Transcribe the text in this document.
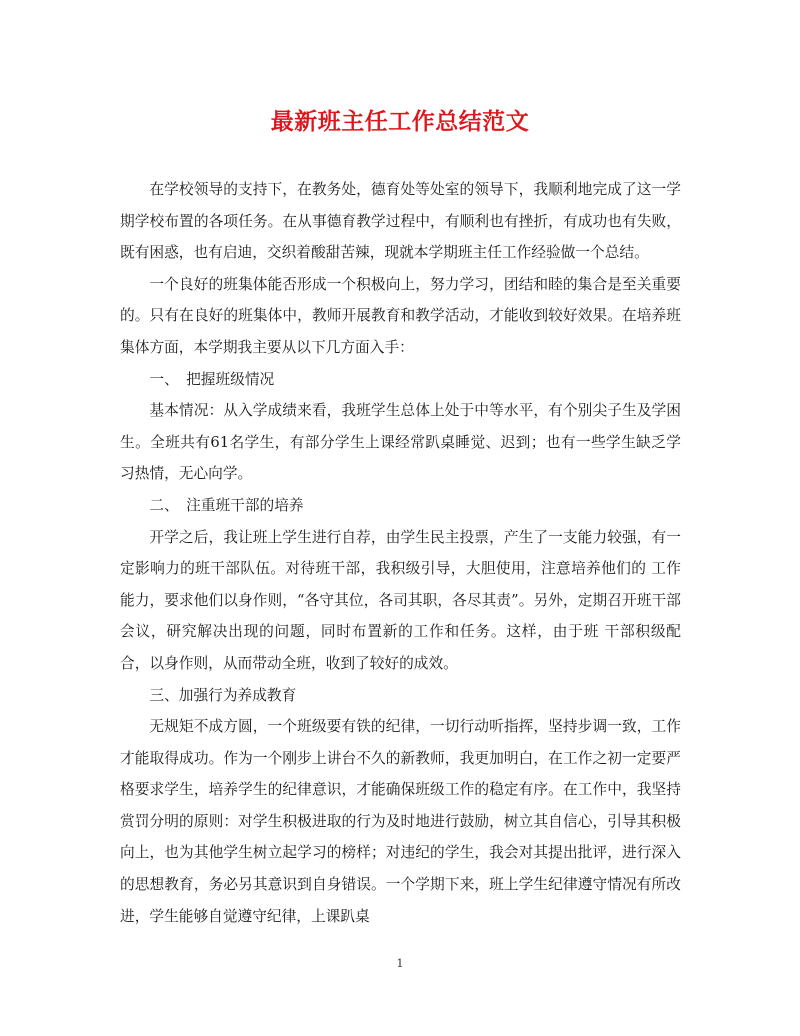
最新班主任工作总结范文

在学校领导的支持下，在教务处，德育处等处室的领导下，我顺利地完成了这一学期学校布置的各项任务。在从事德育教学过程中，有顺利也有挫折，有成功也有失败，既有困惑，也有启迪，交织着酸甜苦辣，现就本学期班主任工作经验做一个总结。

一个良好的班集体能否形成一个积极向上，努力学习，团结和睦的集合是至关重要的。只有在良好的班集体中，教师开展教育和教学活动，才能收到较好效果。在培养班集体方面，本学期我主要从以下几方面入手：

一、　把握班级情况

基本情况：从入学成绩来看，我班学生总体上处于中等水平，有个别尖子生及学困生。全班共有61名学生，有部分学生上课经常趴桌睡觉、迟到；也有一些学生缺乏学习热情，无心向学。

二、　注重班干部的培养

开学之后，我让班上学生进行自荐，由学生民主投票，产生了一支能力较强，有一定影响力的班干部队伍。对待班干部，我积级引导，大胆使用，注意培养他们的 工作能力，要求他们以身作则，“各守其位，各司其职，各尽其责”。另外，定期召开班干部会议，研究解决出现的问题，同时布置新的工作和任务。这样，由于班 干部积级配合，以身作则，从而带动全班，收到了较好的成效。

三、加强行为养成教育

无规矩不成方圆，一个班级要有铁的纪律，一切行动听指挥，坚持步调一致，工作才能取得成功。作为一个刚步上讲台不久的新教师，我更加明白，在工作之初一定要严格要求学生，培养学生的纪律意识，才能确保班级工作的稳定有序。在工作中，我坚持赏罚分明的原则：对学生积极进取的行为及时地进行鼓励，树立其自信心，引导其积极向上，也为其他学生树立起学习的榜样；对违纪的学生，我会对其提出批评，进行深入的思想教育，务必另其意识到自身错误。一个学期下来，班上学生纪律遵守情况有所改进，学生能够自觉遵守纪律，上课趴桌

1
